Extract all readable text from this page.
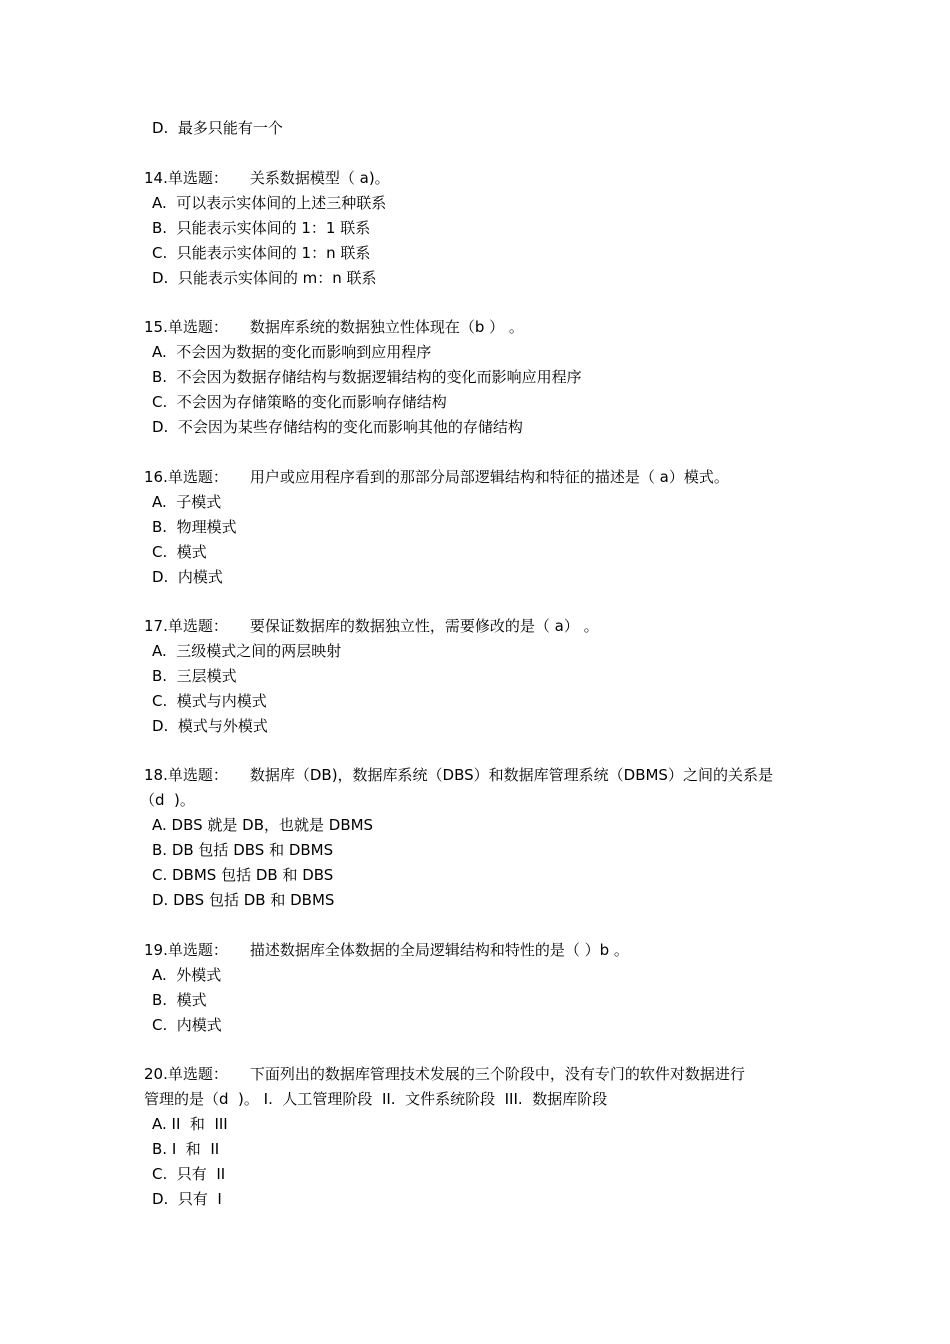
D.  最多只能有一个
14.单选题： 关系数据模型（ a)。
A.  可以表示实体间的上述三种联系
B.  只能表示实体间的 1：1 联系
C.  只能表示实体间的 1：n 联系
D.  只能表示实体间的 m：n 联系
15.单选题： 数据库系统的数据独立性体现在（b ） 。
A.  不会因为数据的变化而影响到应用程序
B.  不会因为数据存储结构与数据逻辑结构的变化而影响应用程序
C.  不会因为存储策略的变化而影响存储结构
D.  不会因为某些存储结构的变化而影响其他的存储结构
16.单选题： 用户或应用程序看到的那部分局部逻辑结构和特征的描述是（ a）模式。
A.  子模式
B.  物理模式
C.  模式
D.  内模式
17.单选题： 要保证数据库的数据独立性，需要修改的是（ a） 。
A.  三级模式之间的两层映射
B.  三层模式
C.  模式与内模式
D.  模式与外模式
18.单选题： 数据库（DB)，数据库系统（DBS）和数据库管理系统（DBMS）之间的关系是
（d  )。
A. DBS 就是 DB，也就是 DBMS
B. DB 包括 DBS 和 DBMS
C. DBMS 包括 DB 和 DBS
D. DBS 包括 DB 和 DBMS
19.单选题： 描述数据库全体数据的全局逻辑结构和特性的是（ ）b 。
A.  外模式
B.  模式
C.  内模式
20.单选题： 下面列出的数据库管理技术发展的三个阶段中，没有专门的软件对数据进行
管理的是（d  )。 I.  人工管理阶段  II.  文件系统阶段  III.  数据库阶段
A. II  和  III
B. I  和  II
C.  只有  II
D.  只有  I
